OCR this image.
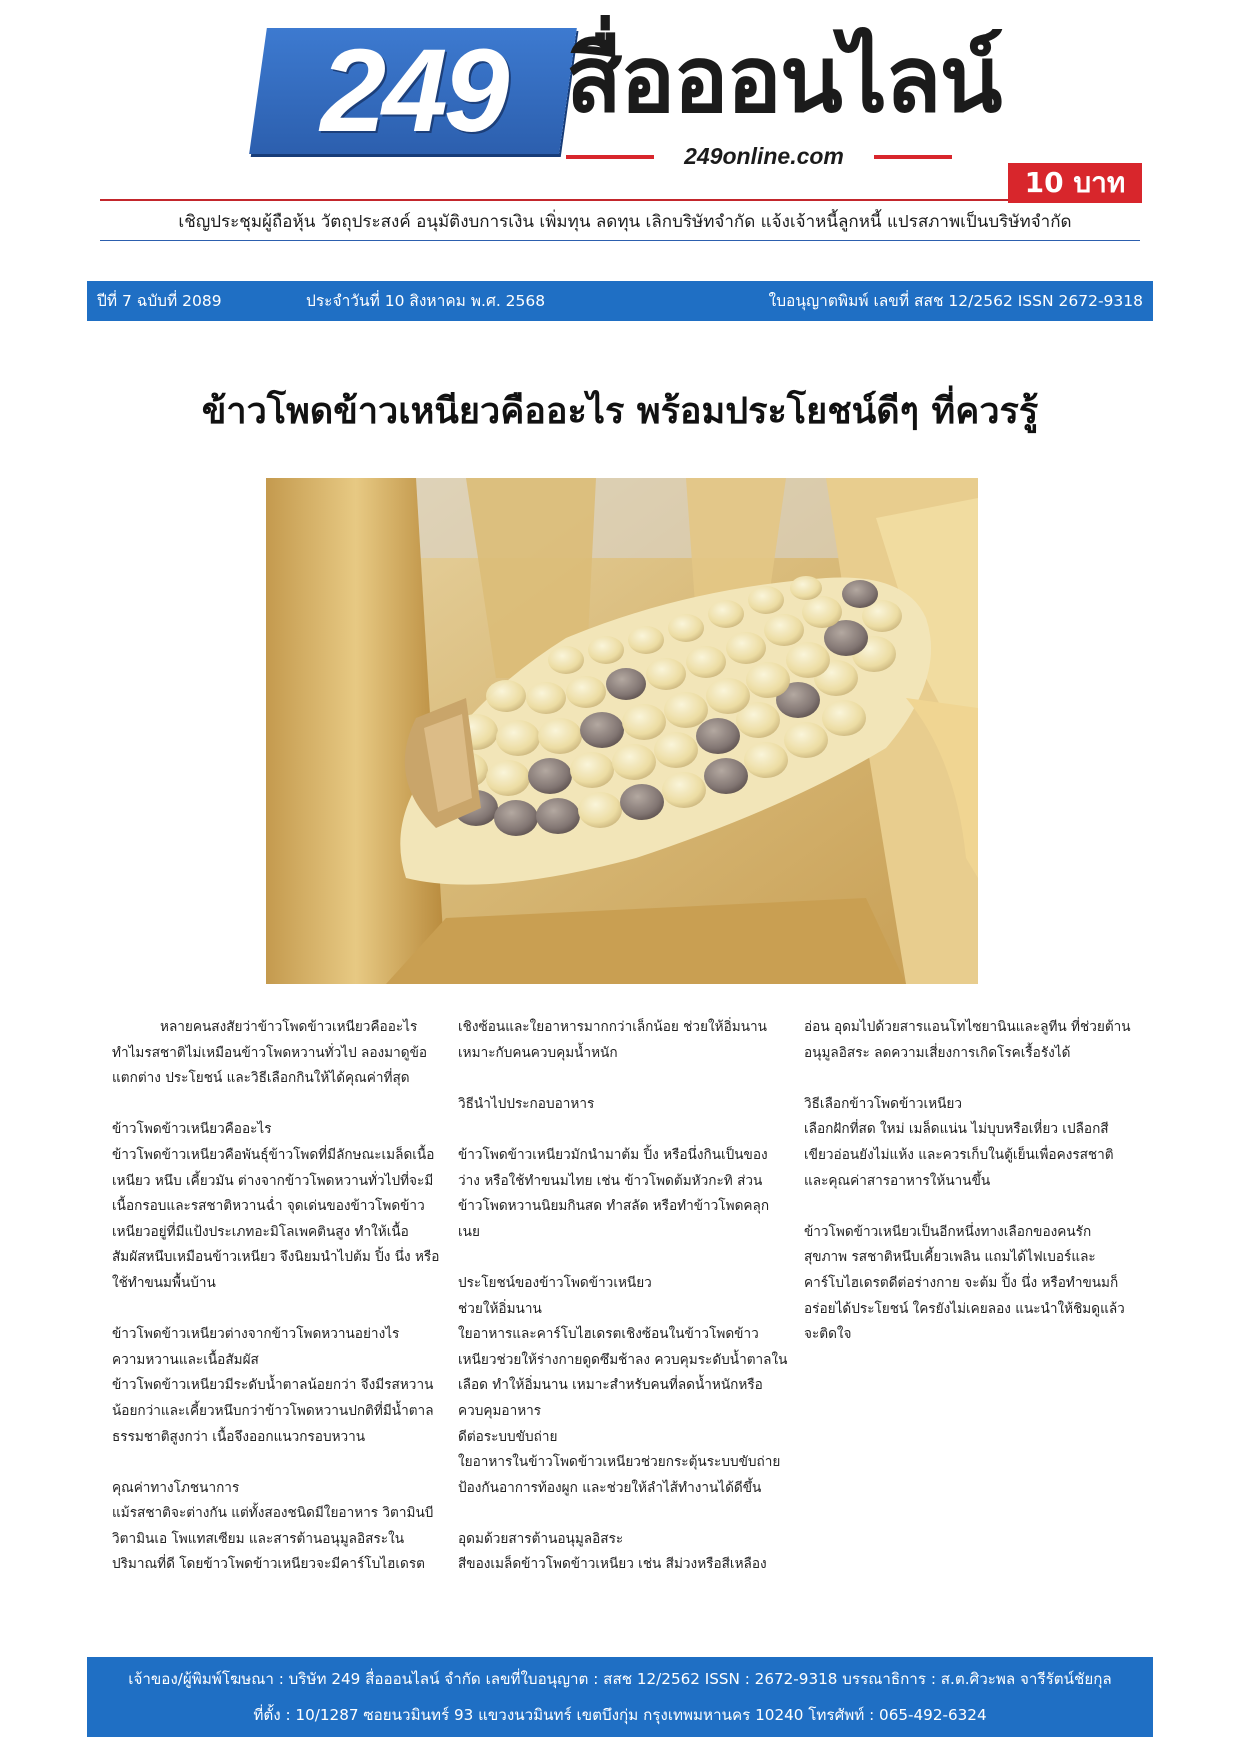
249 สื่อออนไลน์
249online.com
10 บาท
เชิญประชุมผู้ถือหุ้น วัตถุประสงค์ อนุมัติงบการเงิน เพิ่มทุน ลดทุน เลิกบริษัทจำกัด แจ้งเจ้าหนี้ลูกหนี้ แปรสภาพเป็นบริษัทจำกัด
ปีที่ 7 ฉบับที่ 2089	ประจำวันที่ 10 สิงหาคม พ.ศ. 2568	ใบอนุญาตพิมพ์ เลขที่ สสช 12/2562 ISSN 2672-9318
ข้าวโพดข้าวเหนียวคืออะไร พร้อมประโยชน์ดีๆ ที่ควรรู้

หลายคนสงสัยว่าข้าวโพดข้าวเหนียวคืออะไร ทำไมรสชาติไม่เหมือนข้าวโพดหวานทั่วไป ลองมาดูข้อแตกต่าง ประโยชน์ และวิธีเลือกกินให้ได้คุณค่าที่สุด

ข้าวโพดข้าวเหนียวคืออะไร

ข้าวโพดข้าวเหนียวคือพันธุ์ข้าวโพดที่มีลักษณะเมล็ดเนื้อเหนียว หนึบ เคี้ยวมัน ต่างจากข้าวโพดหวานทั่วไปที่จะมีเนื้อกรอบและรสชาติหวานฉ่ำ จุดเด่นของข้าวโพดข้าวเหนียวอยู่ที่มีแป้งประเภทอะมิโลเพคตินสูง ทำให้เนื้อสัมผัสหนึบเหมือนข้าวเหนียว จึงนิยมนำไปต้ม ปิ้ง นึ่ง หรือใช้ทำขนมพื้นบ้าน

ข้าวโพดข้าวเหนียวต่างจากข้าวโพดหวานอย่างไร

ความหวานและเนื้อสัมผัส

ข้าวโพดข้าวเหนียวมีระดับน้ำตาลน้อยกว่า จึงมีรสหวานน้อยกว่าและเคี้ยวหนึบกว่าข้าวโพดหวานปกติที่มีน้ำตาลธรรมชาติสูงกว่า เนื้อจึงออกแนวกรอบหวาน

คุณค่าทางโภชนาการ

แม้รสชาติจะต่างกัน แต่ทั้งสองชนิดมีใยอาหาร วิตามินบี วิตามินเอ โพแทสเซียม และสารต้านอนุมูลอิสระในปริมาณที่ดี โดยข้าวโพดข้าวเหนียวจะมีคาร์โบไฮเดรต

เชิงซ้อนและใยอาหารมากกว่าเล็กน้อย ช่วยให้อิ่มนาน เหมาะกับคนควบคุมน้ำหนัก

วิธีนำไปประกอบอาหาร

ข้าวโพดข้าวเหนียวมักนำมาต้ม ปิ้ง หรือนึ่งกินเป็นของว่าง หรือใช้ทำขนมไทย เช่น ข้าวโพดต้มหัวกะทิ ส่วนข้าวโพดหวานนิยมกินสด ทำสลัด หรือทำข้าวโพดคลุกเนย

ประโยชน์ของข้าวโพดข้าวเหนียว

ช่วยให้อิ่มนาน

ใยอาหารและคาร์โบไฮเดรตเชิงซ้อนในข้าวโพดข้าวเหนียวช่วยให้ร่างกายดูดซึมช้าลง ควบคุมระดับน้ำตาลในเลือด ทำให้อิ่มนาน เหมาะสำหรับคนที่ลดน้ำหนักหรือควบคุมอาหาร

ดีต่อระบบขับถ่าย

ใยอาหารในข้าวโพดข้าวเหนียวช่วยกระตุ้นระบบขับถ่าย ป้องกันอาการท้องผูก และช่วยให้ลำไส้ทำงานได้ดีขึ้น

อุดมด้วยสารต้านอนุมูลอิสระ

สีของเมล็ดข้าวโพดข้าวเหนียว เช่น สีม่วงหรือสีเหลือง

อ่อน อุดมไปด้วยสารแอนโทไซยานินและลูทีน ที่ช่วยต้านอนุมูลอิสระ ลดความเสี่ยงการเกิดโรคเรื้อรังได้

วิธีเลือกข้าวโพดข้าวเหนียว

เลือกฝักที่สด ใหม่ เมล็ดแน่น ไม่บุบหรือเหี่ยว เปลือกสีเขียวอ่อนยังไม่แห้ง และควรเก็บในตู้เย็นเพื่อคงรสชาติและคุณค่าสารอาหารให้นานขึ้น

ข้าวโพดข้าวเหนียวเป็นอีกหนึ่งทางเลือกของคนรักสุขภาพ รสชาติหนึบเคี้ยวเพลิน แถมได้ไฟเบอร์และคาร์โบไฮเดรตดีต่อร่างกาย จะต้ม ปิ้ง นึ่ง หรือทำขนมก็อร่อยได้ประโยชน์ ใครยังไม่เคยลอง แนะนำให้ชิมดูแล้วจะติดใจ

เจ้าของ/ผู้พิมพ์โฆษณา : บริษัท 249 สื่อออนไลน์ จำกัด เลขที่ใบอนุญาต : สสช 12/2562 ISSN : 2672-9318 บรรณาธิการ : ส.ต.ศิวะพล จารีรัตน์ชัยกุล
ที่ตั้ง : 10/1287 ซอยนวมินทร์ 93 แขวงนวมินทร์ เขตบึงกุ่ม กรุงเทพมหานคร 10240 โทรศัพท์ : 065-492-6324
